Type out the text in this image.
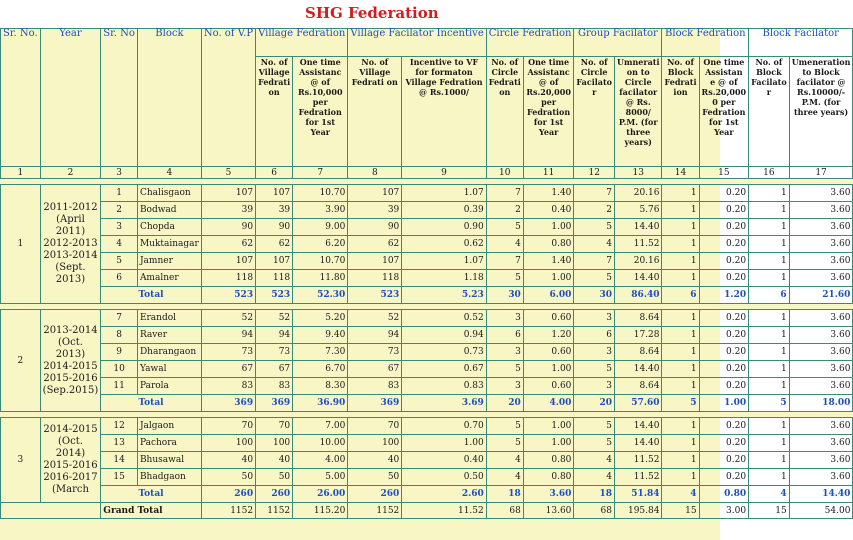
SHG Federation
Sr. No.	Year	Sr. No	Block	No. of V.P	Village Fedration		Village Facilator Incentive		Circle Fedration		Group Facilator		Block Fedration		Block Facilator	
					No. of Village Fedrati on	One time Assistanc @ of Rs.10,000 per Fedration for 1st Year	No. of Village Fedrati on	Incentive to VF for formaton Village Fedration @ Rs.1000/	No. of Circle Fedrati on	One time Assistanc @ of Rs.20,000 per Fedration for 1st Year	No. of Circle Facilato r	Umnerati on to Circle facilator @ Rs. 8000/ P.M. (for three years)	No. of Block Fedrati ion	One time Assistan e @ of Rs.20,000 0 per Fedration for 1st Year	No. of Block Facilato r	Umeneration to Block facilator @ Rs.10000/- P.M. (for three years)
1	2	3	4	5	6	7	8	9	10	11	12	13	14	15	16	17

1	2011-2012 (April 2011) 2012-2013 2013-2014 (Sept. 2013)	1	Chalisgaon	107	107	10.70	107	1.07	7	1.40	7	20.16	1	0.20	1	3.60
		2	Bodwad	39	39	3.90	39	0.39	2	0.40	2	5.76	1	0.20	1	3.60
		3	Chopda	90	90	9.00	90	0.90	5	1.00	5	14.40	1	0.20	1	3.60
		4	Muktainagar	62	62	6.20	62	0.62	4	0.80	4	11.52	1	0.20	1	3.60
		5	Jamner	107	107	10.70	107	1.07	7	1.40	7	20.16	1	0.20	1	3.60
		6	Amalner	118	118	11.80	118	1.18	5	1.00	5	14.40	1	0.20	1	3.60
		Total		523	523	52.30	523	5.23	30	6.00	30	86.40	6	1.20	6	21.60

2	2013-2014 (Oct. 2013) 2014-2015 2015-2016 (Sep.2015)	7	Erandol	52	52	5.20	52	0.52	3	0.60	3	8.64	1	0.20	1	3.60
		8	Raver	94	94	9.40	94	0.94	6	1.20	6	17.28	1	0.20	1	3.60
		9	Dharangaon	73	73	7.30	73	0.73	3	0.60	3	8.64	1	0.20	1	3.60
		10	Yawal	67	67	6.70	67	0.67	5	1.00	5	14.40	1	0.20	1	3.60
		11	Parola	83	83	8.30	83	0.83	3	0.60	3	8.64	1	0.20	1	3.60
		Total		369	369	36.90	369	3.69	20	4.00	20	57.60	5	1.00	5	18.00

3	2014-2015 (Oct. 2014) 2015-2016 2016-2017 (March	12	Jalgaon	70	70	7.00	70	0.70	5	1.00	5	14.40	1	0.20	1	3.60
		13	Pachora	100	100	10.00	100	1.00	5	1.00	5	14.40	1	0.20	1	3.60
		14	Bhusawal	40	40	4.00	40	0.40	4	0.80	4	11.52	1	0.20	1	3.60
		15	Bhadgaon	50	50	5.00	50	0.50	4	0.80	4	11.52	1	0.20	1	3.60
		Total		260	260	26.00	260	2.60	18	3.60	18	51.84	4	0.80	4	14.40
		Grand Total		1152	1152	115.20	1152	11.52	68	13.60	68	195.84	15	3.00	15	54.00
